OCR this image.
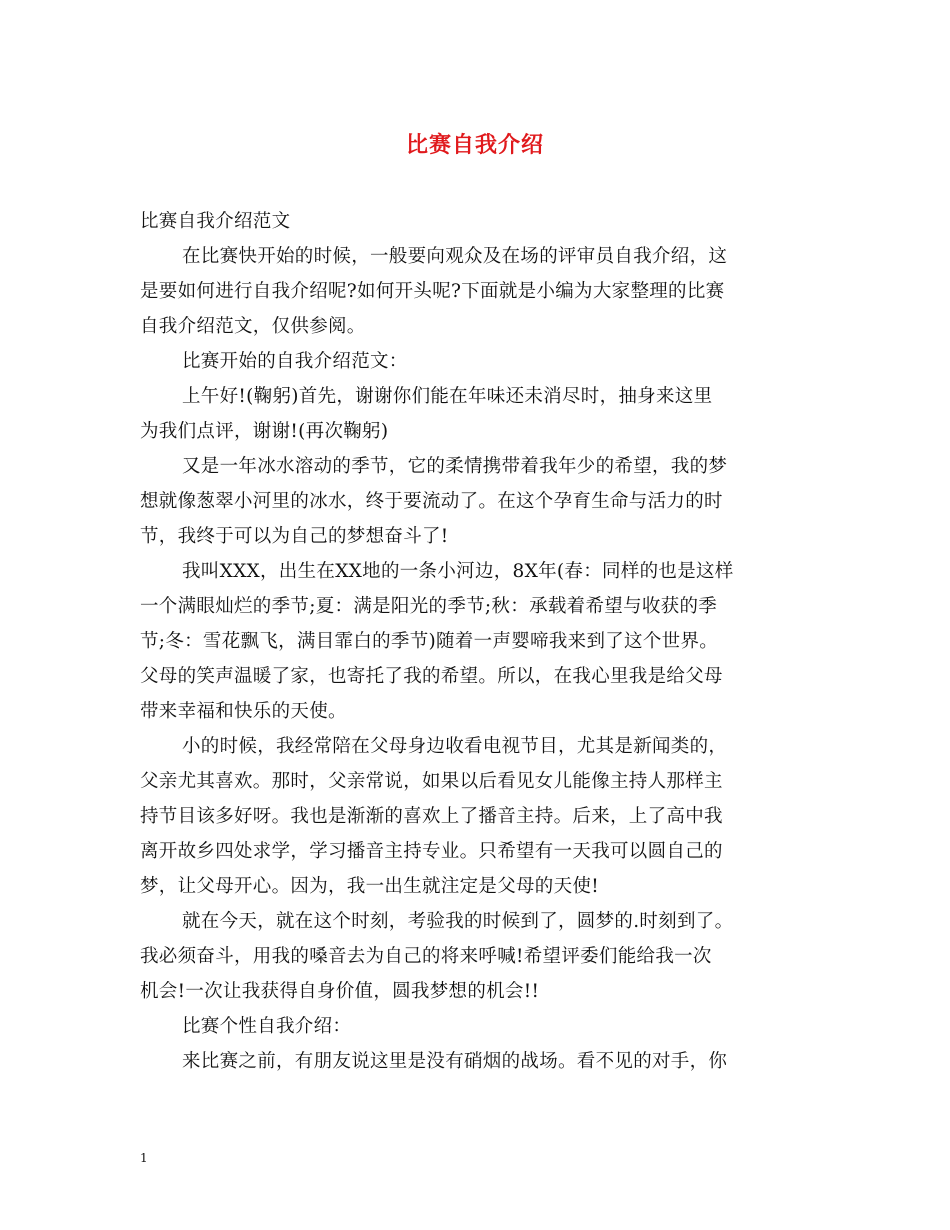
比赛自我介绍
比赛自我介绍范文
在比赛快开始的时候，一般要向观众及在场的评审员自我介绍，这
是要如何进行自我介绍呢?如何开头呢?下面就是小编为大家整理的比赛
自我介绍范文，仅供参阅。
比赛开始的自我介绍范文：
上午好!(鞠躬)首先，谢谢你们能在年味还未消尽时，抽身来这里
为我们点评，谢谢!(再次鞠躬)
又是一年冰水溶动的季节，它的柔情携带着我年少的希望，我的梦
想就像葱翠小河里的冰水，终于要流动了。在这个孕育生命与活力的时
节，我终于可以为自己的梦想奋斗了!
我叫XXX，出生在XX地的一条小河边，8X年(春：同样的也是这样
一个满眼灿烂的季节;夏：满是阳光的季节;秋：承载着希望与收获的季
节;冬：雪花飘飞，满目霏白的季节)随着一声婴啼我来到了这个世界。
父母的笑声温暖了家，也寄托了我的希望。所以，在我心里我是给父母
带来幸福和快乐的天使。
小的时候，我经常陪在父母身边收看电视节目，尤其是新闻类的，
父亲尤其喜欢。那时，父亲常说，如果以后看见女儿能像主持人那样主
持节目该多好呀。我也是渐渐的喜欢上了播音主持。后来，上了高中我
离开故乡四处求学，学习播音主持专业。只希望有一天我可以圆自己的
梦，让父母开心。因为，我一出生就注定是父母的天使!
就在今天，就在这个时刻，考验我的时候到了，圆梦的.时刻到了。
我必须奋斗，用我的嗓音去为自己的将来呼喊!希望评委们能给我一次
机会!一次让我获得自身价值，圆我梦想的机会!!
比赛个性自我介绍：
来比赛之前，有朋友说这里是没有硝烟的战场。看不见的对手，你
1
